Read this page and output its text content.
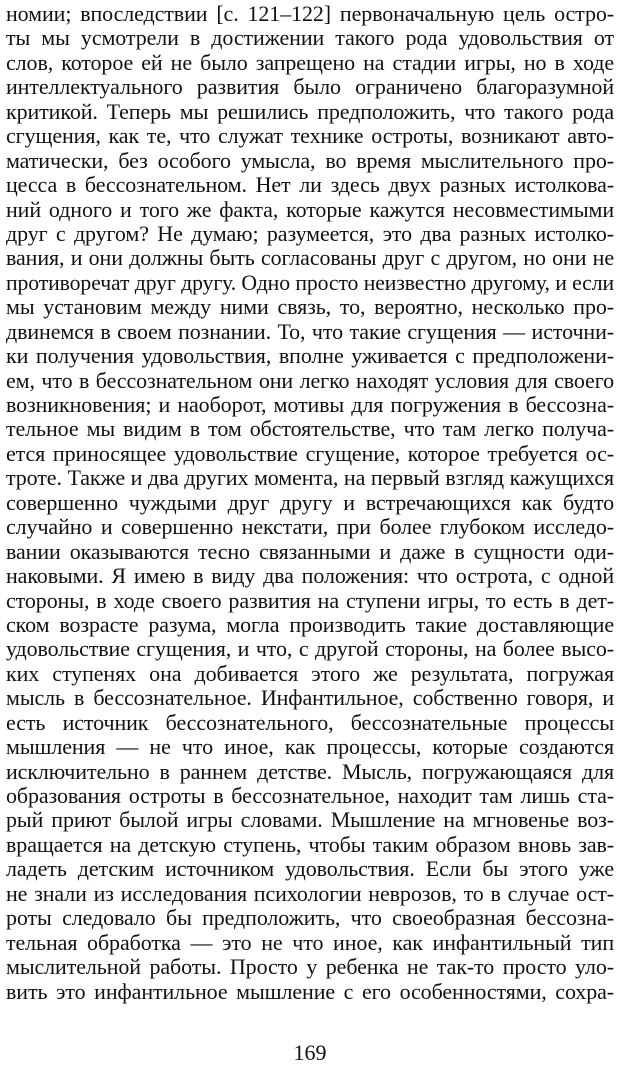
номии; впоследствии [с. 121–122] первоначальную цель остро-
ты мы усмотрели в достижении такого рода удовольствия от
слов, которое ей не было запрещено на стадии игры, но в ходе
интеллектуального развития было ограничено благоразумной
критикой. Теперь мы решились предположить, что такого рода
сгущения, как те, что служат технике остроты, возникают авто-
матически, без особого умысла, во время мыслительного про-
цесса в бессознательном. Нет ли здесь двух разных истолкова-
ний одного и того же факта, которые кажутся несовместимыми
друг с другом? Не думаю; разумеется, это два разных истолко-
вания, и они должны быть согласованы друг с другом, но они не
противоречат друг другу. Одно просто неизвестно другому, и если
мы установим между ними связь, то, вероятно, несколько про-
двинемся в своем познании. То, что такие сгущения — источни-
ки получения удовольствия, вполне уживается с предположени-
ем, что в бессознательном они легко находят условия для своего
возникновения; и наоборот, мотивы для погружения в бессозна-
тельное мы видим в том обстоятельстве, что там легко получа-
ется приносящее удовольствие сгущение, которое требуется ос-
троте. Также и два других момента, на первый взгляд кажущихся
совершенно чуждыми друг другу и встречающихся как будто
случайно и совершенно некстати, при более глубоком исследо-
вании оказываются тесно связанными и даже в сущности оди-
наковыми. Я имею в виду два положения: что острота, с одной
стороны, в ходе своего развития на ступени игры, то есть в дет-
ском возрасте разума, могла производить такие доставляющие
удовольствие сгущения, и что, с другой стороны, на более высо-
ких ступенях она добивается этого же результата, погружая
мысль в бессознательное. Инфантильное, собственно говоря, и
есть источник бессознательного, бессознательные процессы
мышления — не что иное, как процессы, которые создаются
исключительно в раннем детстве. Мысль, погружающаяся для
образования остроты в бессознательное, находит там лишь ста-
рый приют былой игры словами. Мышление на мгновенье воз-
вращается на детскую ступень, чтобы таким образом вновь зав-
ладеть детским источником удовольствия. Если бы этого уже
не знали из исследования психологии неврозов, то в случае ост-
роты следовало бы предположить, что своеобразная бессозна-
тельная обработка — это не что иное, как инфантильный тип
мыслительной работы. Просто у ребенка не так-то просто уло-
вить это инфантильное мышление с его особенностями, сохра-
169
